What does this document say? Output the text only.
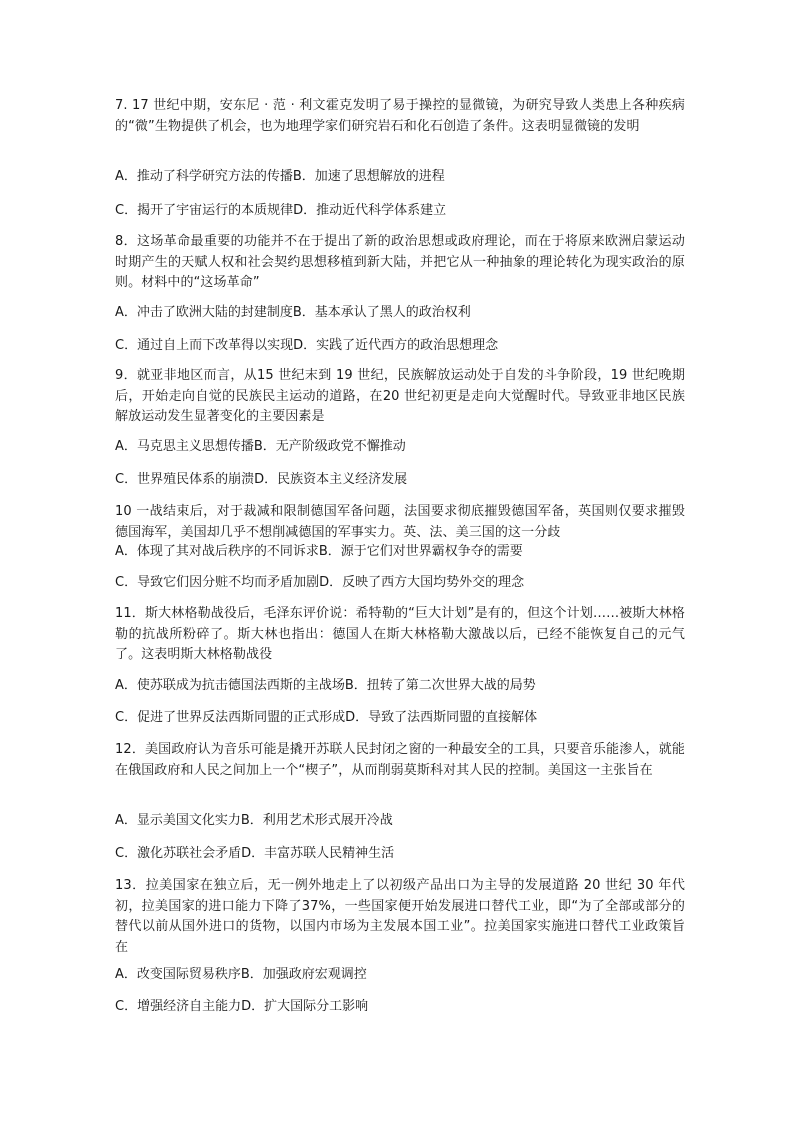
7. 17 世纪中期，安东尼 · 范 · 利文霍克发明了易于操控的显微镜，为研究导致人类患上各种疾病的“微”生物提供了机会，也为地理学家们研究岩石和化石创造了条件。这表明显微镜的发明

A．推动了科学研究方法的传播B．加速了思想解放的进程

C．揭开了宇宙运行的本质规律D．推动近代科学体系建立

8．这场革命最重要的功能并不在于提出了新的政治思想或政府理论，而在于将原来欧洲启蒙运动时期产生的天赋人权和社会契约思想移植到新大陆，并把它从一种抽象的理论转化为现实政治的原则。材料中的“这场革命”

A．冲击了欧洲大陆的封建制度B．基本承认了黑人的政治权利

C．通过自上而下改革得以实现D．实践了近代西方的政治思想理念

9．就亚非地区而言，从15 世纪末到 19 世纪，民族解放运动处于自发的斗争阶段，19 世纪晚期后，开始走向自觉的民族民主运动的道路，在20 世纪初更是走向大觉醒时代。导致亚非地区民族解放运动发生显著变化的主要因素是

A．马克思主义思想传播B．无产阶级政党不懈推动

C．世界殖民体系的崩溃D．民族资本主义经济发展

10 一战结束后，对于裁减和限制德国军备问题，法国要求彻底摧毁德国军备，英国则仅要求摧毁德国海军，美国却几乎不想削减德国的军事实力。英、法、美三国的这一分歧

A．体现了其对战后秩序的不同诉求B．源于它们对世界霸权争夺的需要

C．导致它们因分赃不均而矛盾加剧D．反映了西方大国均势外交的理念

11．斯大林格勒战役后，毛泽东评价说：希特勒的“巨大计划”是有的，但这个计划……被斯大林格勒的抗战所粉碎了。斯大林也指出：德国人在斯大林格勒大激战以后，已经不能恢复自己的元气了。这表明斯大林格勒战役

A．使苏联成为抗击德国法西斯的主战场B．扭转了第二次世界大战的局势

C．促进了世界反法西斯同盟的正式形成D．导致了法西斯同盟的直接解体

12．美国政府认为音乐可能是撬开苏联人民封闭之窗的一种最安全的工具，只要音乐能渗人，就能在俄国政府和人民之间加上一个“楔子”，从而削弱莫斯科对其人民的控制。美国这一主张旨在

A．显示美国文化实力B．利用艺术形式展开冷战

C．激化苏联社会矛盾D．丰富苏联人民精神生活

13．拉美国家在独立后，无一例外地走上了以初级产品出口为主导的发展道路 20 世纪 30 年代初，拉美国家的进口能力下降了37%，一些国家便开始发展进口替代工业，即“为了全部或部分的替代以前从国外进口的货物，以国内市场为主发展本国工业”。拉美国家实施进口替代工业政策旨在

A．改变国际贸易秩序B．加强政府宏观调控

C．增强经济自主能力D．扩大国际分工影响
